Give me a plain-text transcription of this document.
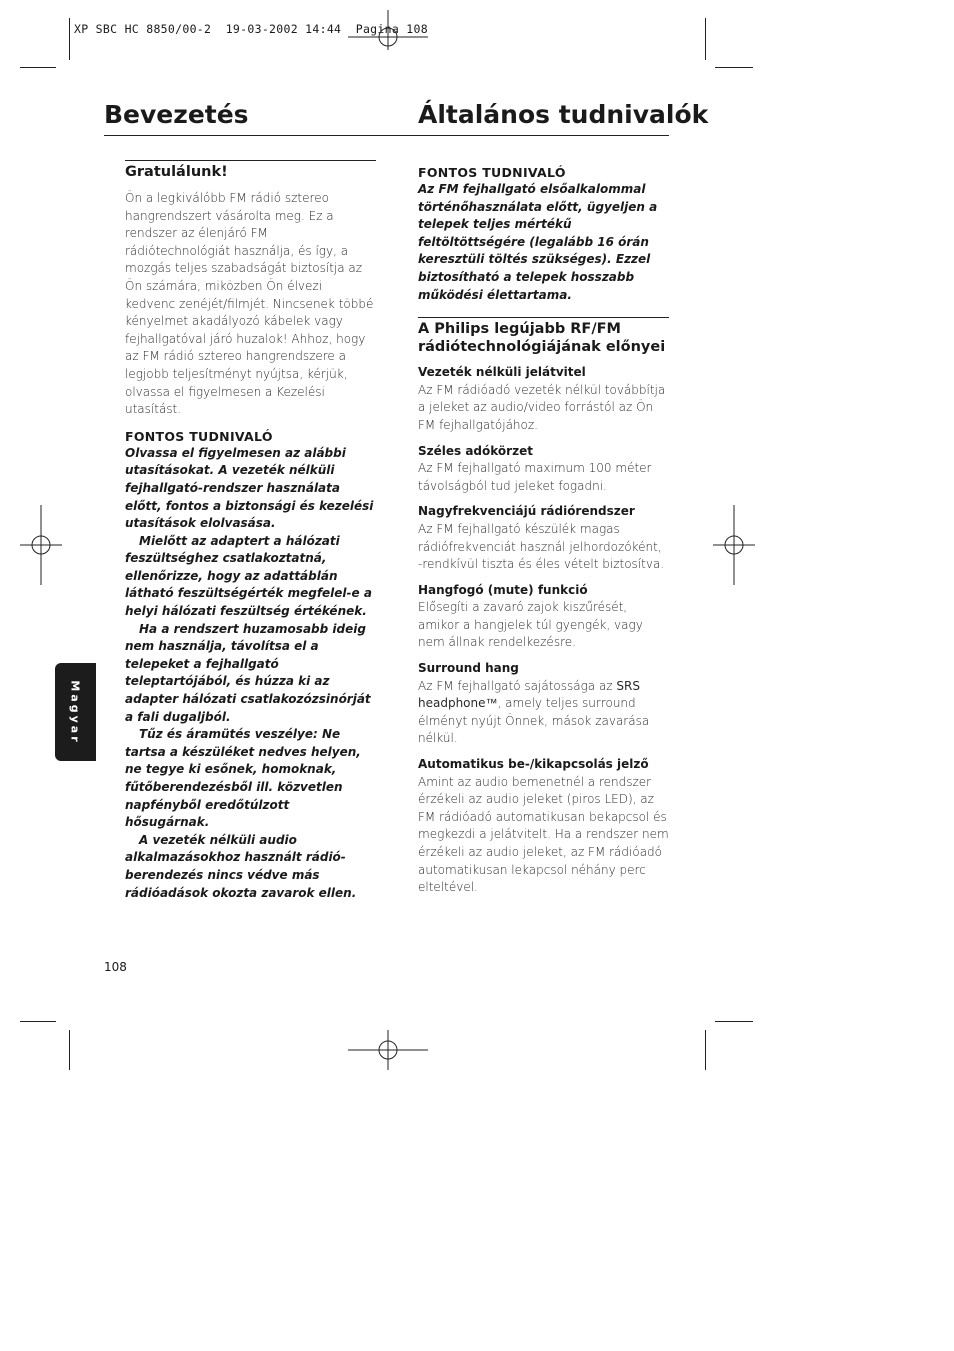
XP SBC HC 8850/00-2  19-03-2002 14:44  Pagina 108
Bevezetés	Általános tudnivalók
Gratulálunk!

Ön a legkiválóbb FM rádió sztereo hangrendszert vásárolta meg. Ez a rendszer az élenjáró FM rádiótechnológiát használja, és így, a mozgás teljes szabadságát biztosítja az Ön számára, miközben Ön élvezi kedvenc zenéjét/filmjét. Nincsenek többé kényelmet akadályozó kábelek vagy fejhallgatóval járó huzalok! Ahhoz, hogy az FM rádió sztereo hangrendszere a legjobb teljesítményt nyújtsa, kérjük, olvassa el figyelmesen a Kezelési utasítást.

FONTOS TUDNIVALÓ

Olvassa el figyelmesen az alábbi utasításokat. A vezeték nélküli fejhallgató-rendszer használata előtt, fontos a biztonsági és kezelési utasítások elolvasása.

Mielőtt az adaptert a hálózati feszültséghez csatlakoztatná, ellenőrizze, hogy az adattáblán látható feszültségérték megfelel-e a helyi hálózati feszültség értékének.

Ha a rendszert huzamosabb ideig nem használja, távolítsa el a telepeket a fejhallgató teleptartójából, és húzza ki az adapter hálózati csatlakozózsinórját a fali dugaljból.

Tűz és áramütés veszélye: Ne tartsa a készüléket nedves helyen, ne tegye ki esőnek, homoknak, fűtőberendezésből ill. közvetlen napfényből eredőtúlzott hősugárnak.

A vezeték nélküli audio alkalmazásokhoz használt rádió-berendezés nincs védve más rádióadások okozta zavarok ellen.

FONTOS TUDNIVALÓ

Az FM fejhallgató elsőalkalommal történőhasználata előtt, ügyeljen a telepek teljes mértékű feltöltöttségére (legalább 16 órán keresztüli töltés szükséges). Ezzel biztosítható a telepek hosszabb működési élettartama.

A Philips legújabb RF/FM rádiótechnológiájának előnyei
Vezeték nélküli jelátvitel

Az FM rádióadó vezeték nélkül továbbítja a jeleket az audio/video forrástól az Ön FM fejhallgatójához.

Széles adókörzet

Az FM fejhallgató maximum 100 méter távolságból tud jeleket fogadni.

Nagyfrekvenciájú rádiórendszer

Az FM fejhallgató készülék magas rádiófrekvenciát használ jelhordozóként, -rendkívül tiszta és éles vételt biztosítva.

Hangfogó (mute) funkció

Elősegíti a zavaró zajok kiszűrését, amikor a hangjelek túl gyengék, vagy nem állnak rendelkezésre.

Surround hang

Az FM fejhallgató sajátossága az SRS headphone™, amely teljes surround élményt nyújt Önnek, mások zavarása nélkül.

Automatikus be-/kikapcsolás jelző

Amint az audio bemenetnél a rendszer érzékeli az audio jeleket (piros LED), az FM rádióadó automatikusan bekapcsol és megkezdi a jelátvitelt. Ha a rendszer nem érzékeli az audio jeleket, az FM rádióadó automatikusan lekapcsol néhány perc elteltével.

Magyar
108
